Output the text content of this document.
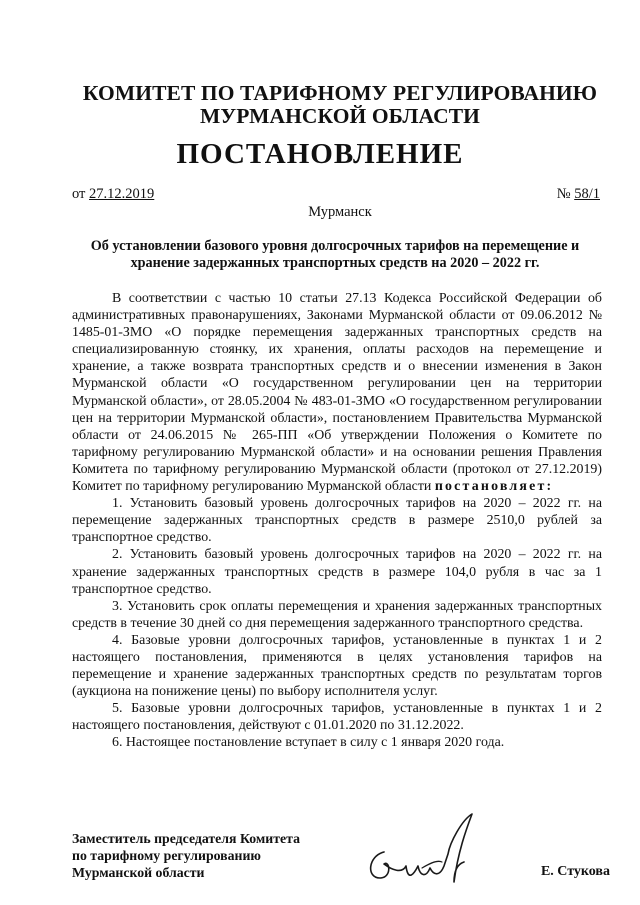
КОМИТЕТ ПО ТАРИФНОМУ РЕГУЛИРОВАНИЮ
МУРМАНСКОЙ ОБЛАСТИ
ПОСТАНОВЛЕНИЕ
от 27.12.2019	№ 58/1
Мурманск
Об установлении базового уровня долгосрочных тарифов на перемещение и хранение задержанных транспортных средств на 2020 – 2022 гг.

В соответствии с частью 10 статьи 27.13 Кодекса Российской Федерации об административных правонарушениях, Законами Мурманской области от 09.06.2012 № 1485-01-ЗМО «О порядке перемещения задержанных транспортных средств на специализированную стоянку, их хранения, оплаты расходов на перемещение и хранение, а также возврата транспортных средств и о внесении изменения в Закон Мурманской области «О государственном регулировании цен на территории Мурманской области», от 28.05.2004 № 483-01-ЗМО «О государственном регулировании цен на территории Мурманской области», постановлением Правительства Мурманской области от 24.06.2015 № 265-ПП «Об утверждении Положения о Комитете по тарифному регулированию Мурманской области» и на основании решения Правления Комитета по тарифному регулированию Мурманской области (протокол от 27.12.2019) Комитет по тарифному регулированию Мурманской области постановляет:

1. Установить базовый уровень долгосрочных тарифов на 2020 – 2022 гг. на перемещение задержанных транспортных средств в размере 2510,0 рублей за транспортное средство.

2. Установить базовый уровень долгосрочных тарифов на 2020 – 2022 гг. на хранение задержанных транспортных средств в размере 104,0 рубля в час за 1 транспортное средство.

3. Установить срок оплаты перемещения и хранения задержанных транспортных средств в течение 30 дней со дня перемещения задержанного транспортного средства.

4. Базовые уровни долгосрочных тарифов, установленные в пунктах 1 и 2 настоящего постановления, применяются в целях установления тарифов на перемещение и хранение задержанных транспортных средств по результатам торгов (аукциона на понижение цены) по выбору исполнителя услуг.

5. Базовые уровни долгосрочных тарифов, установленные в пунктах 1 и 2 настоящего постановления, действуют с 01.01.2020 по 31.12.2022.

6. Настоящее постановление вступает в силу с 1 января 2020 года.

Заместитель председателя Комитета
по тарифному регулированию
Мурманской области	Е. Стукова
